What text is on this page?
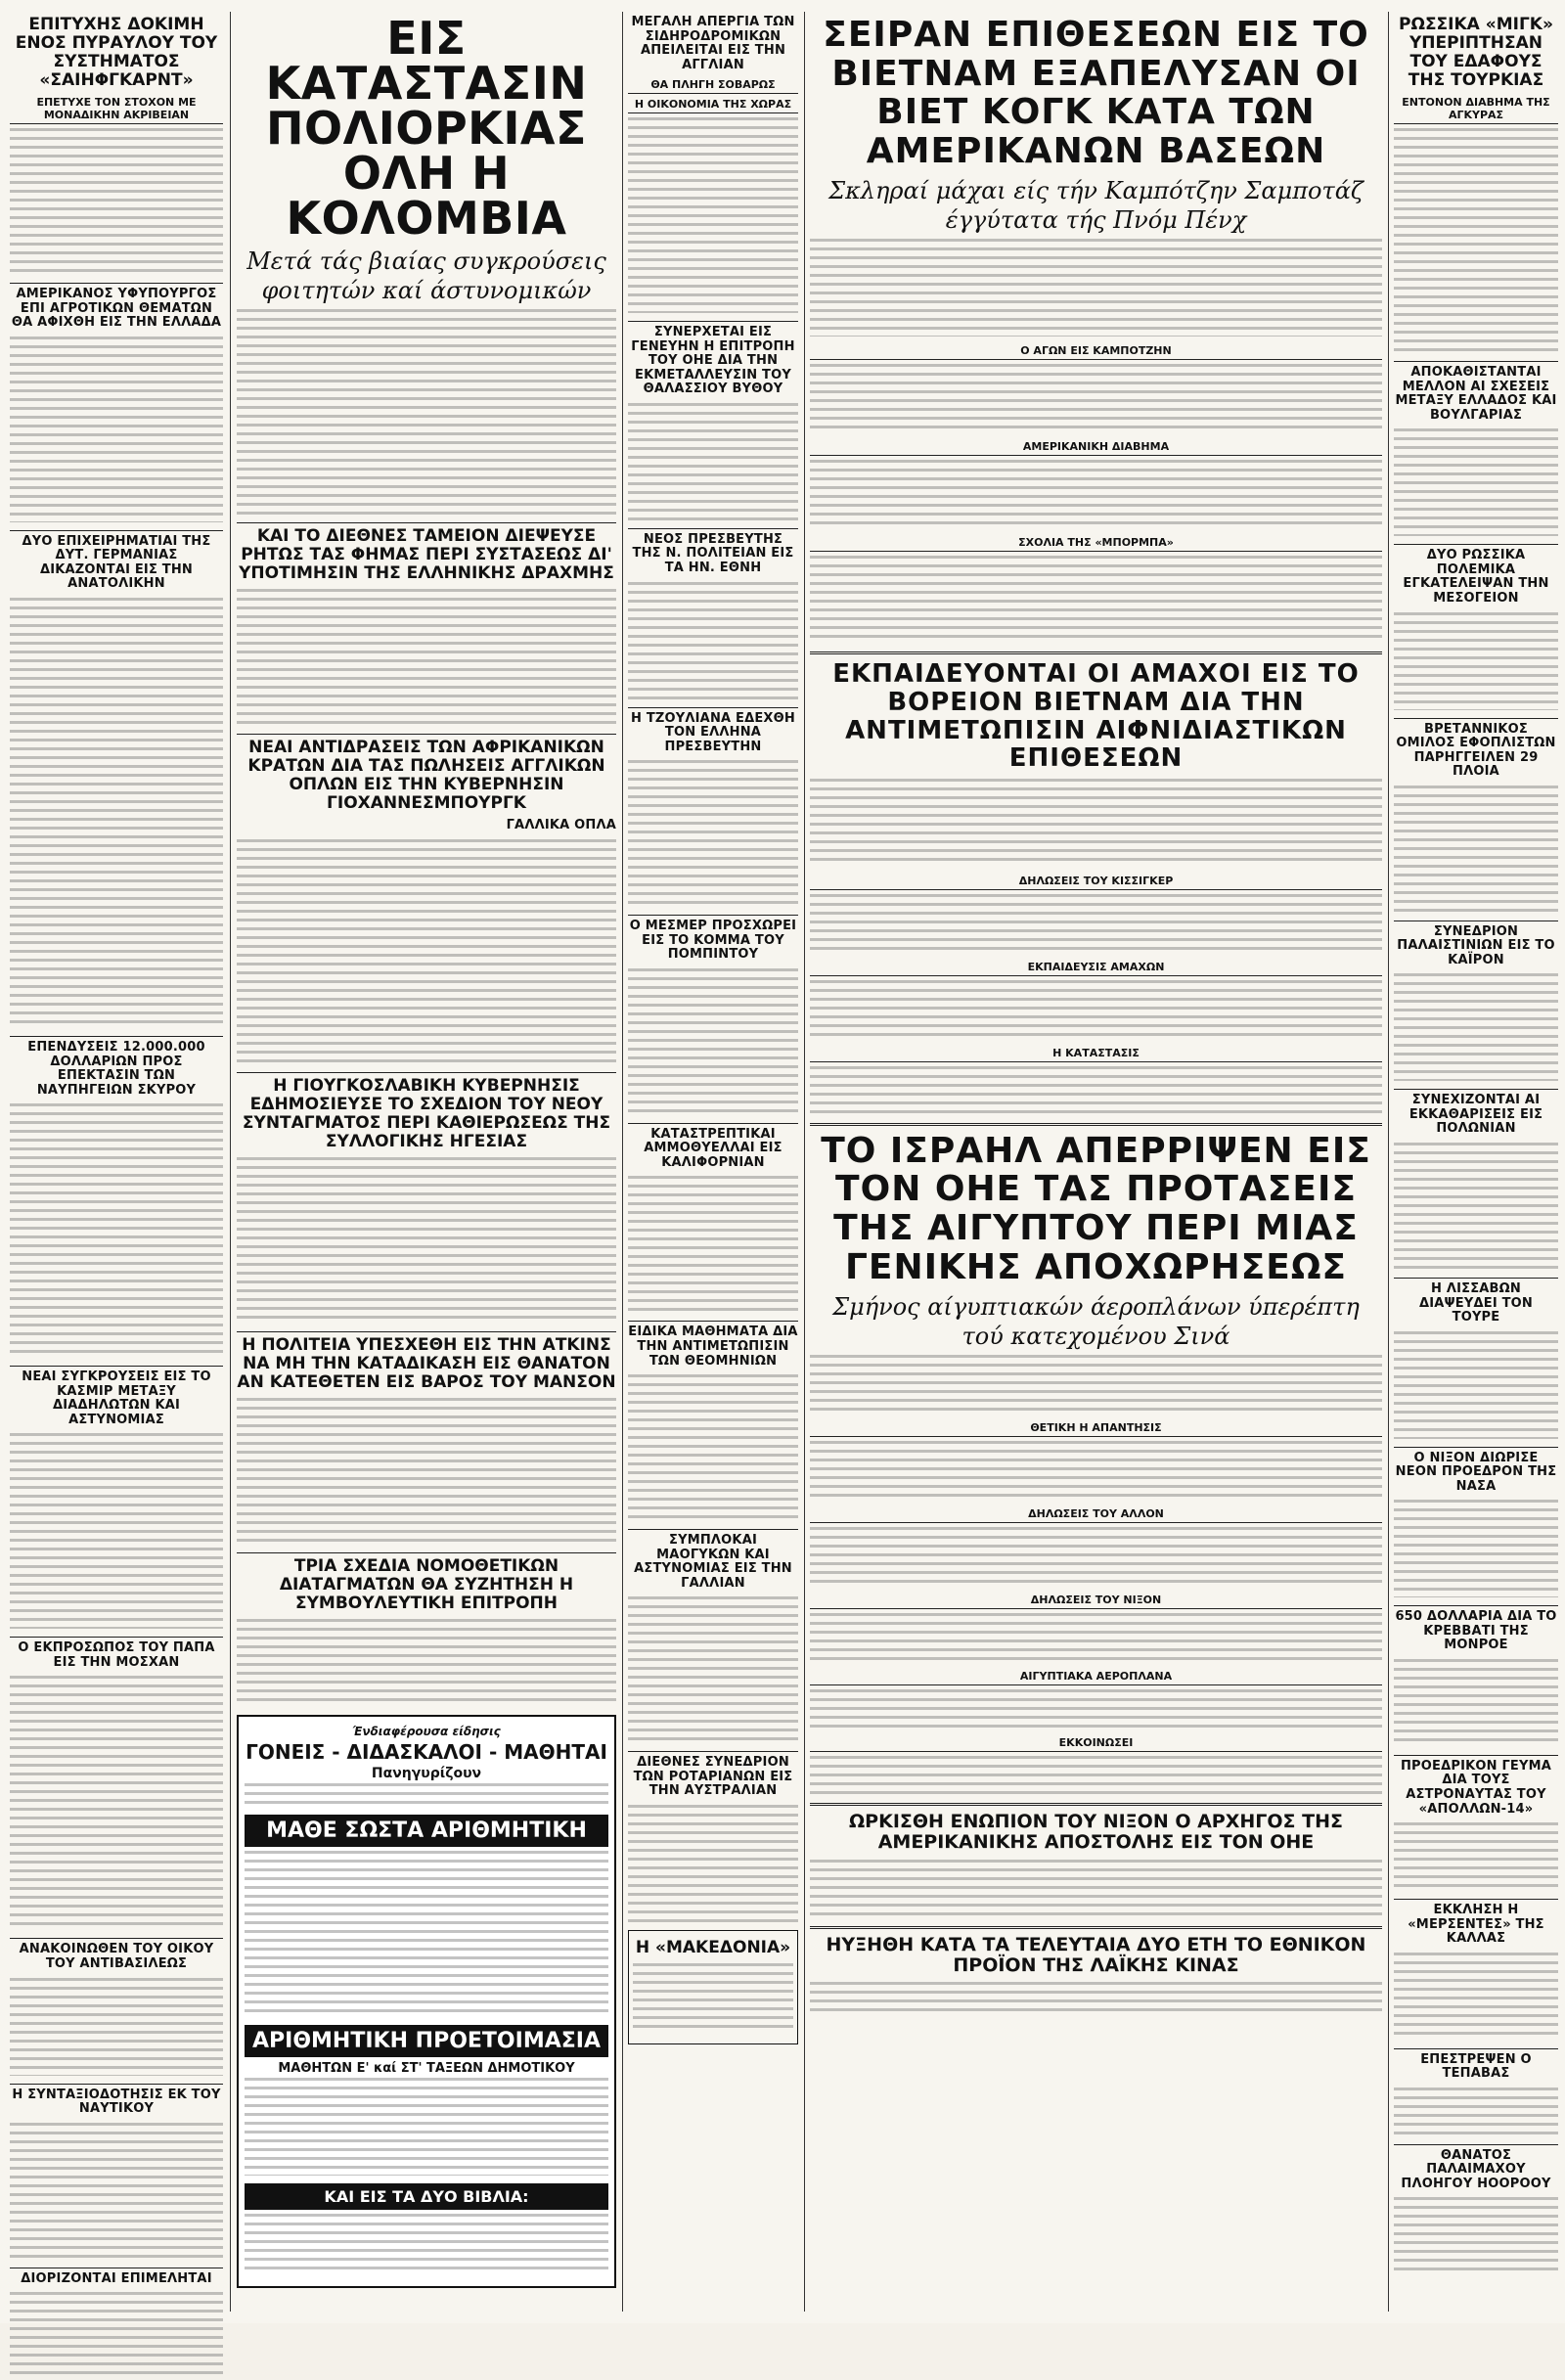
ΕΠΙΤΥΧΗΣ ΔΟΚΙΜΗ ΕΝΟΣ ΠΥΡΑΥΛΟΥ ΤΟΥ ΣΥΣΤΗΜΑΤΟΣ «ΣΑΙΗΦΓΚΑΡΝΤ»
ΕΠΕΤΥΧΕ ΤΟΝ ΣΤΟΧΟΝ ΜΕ ΜΟΝΑΔΙΚΗΝ ΑΚΡΙΒΕΙΑΝ
ΑΜΕΡΙΚΑΝΟΣ ΥΦΥΠΟΥΡΓΟΣ ΕΠΙ ΑΓΡΟΤΙΚΩΝ ΘΕΜΑΤΩΝ ΘΑ ΑΦΙΧΘΗ ΕΙΣ ΤΗΝ ΕΛΛΑΔΑ
ΔΥΟ ΕΠΙΧΕΙΡΗΜΑΤΙΑΙ ΤΗΣ ΔΥΤ. ΓΕΡΜΑΝΙΑΣ ΔΙΚΑΖΟΝΤΑΙ ΕΙΣ ΤΗΝ ΑΝΑΤΟΛΙΚΗΝ
ΕΠΕΝΔΥΣΕΙΣ 12.000.000 ΔΟΛΛΑΡΙΩΝ ΠΡΟΣ ΕΠΕΚΤΑΣΙΝ ΤΩΝ ΝΑΥΠΗΓΕΙΩΝ ΣΚΥΡΟΥ
ΝΕΑΙ ΣΥΓΚΡΟΥΣΕΙΣ ΕΙΣ ΤΟ ΚΑΣΜΙΡ ΜΕΤΑΞΥ ΔΙΑΔΗΛΩΤΩΝ ΚΑΙ ΑΣΤΥΝΟΜΙΑΣ
Ο ΕΚΠΡΟΣΩΠΟΣ ΤΟΥ ΠΑΠΑ ΕΙΣ ΤΗΝ ΜΟΣΧΑΝ
ΑΝΑΚΟΙΝΩΘΕΝ ΤΟΥ ΟΙΚΟΥ ΤΟΥ ΑΝΤΙΒΑΣΙΛΕΩΣ
Η ΣΥΝΤΑΞΙΟΔΟΤΗΣΙΣ ΕΚ ΤΟΥ ΝΑΥΤΙΚΟΥ
ΔΙΟΡΙΖΟΝΤΑΙ ΕΠΙΜΕΛΗΤΑΙ
ΕΙΣ ΚΑΤΑΣΤΑΣΙΝ ΠΟΛΙΟΡΚΙΑΣ ΟΛΗ Η ΚΟΛΟΜΒΙΑ
Μετά τάς βιαίας συγκρούσεις φοιτητών καί άστυνομικών
ΚΑΙ ΤΟ ΔΙΕΘΝΕΣ ΤΑΜΕΙΟΝ ΔΙΕΨΕΥΣΕ ΡΗΤΩΣ ΤΑΣ ΦΗΜΑΣ ΠΕΡΙ ΣΥΣΤΑΣΕΩΣ ΔΙ' ΥΠΟΤΙΜΗΣΙΝ ΤΗΣ ΕΛΛΗΝΙΚΗΣ ΔΡΑΧΜΗΣ
ΝΕΑΙ ΑΝΤΙΔΡΑΣΕΙΣ ΤΩΝ ΑΦΡΙΚΑΝΙΚΩΝ ΚΡΑΤΩΝ ΔΙΑ ΤΑΣ ΠΩΛΗΣΕΙΣ ΑΓΓΛΙΚΩΝ ΟΠΛΩΝ ΕΙΣ ΤΗΝ ΚΥΒΕΡΝΗΣΙΝ ΓΙΟΧΑΝΝΕΣΜΠΟΥΡΓΚ
ΓΑΛΛΙΚΑ ΟΠΛΑ
Η ΓΙΟΥΓΚΟΣΛΑΒΙΚΗ ΚΥΒΕΡΝΗΣΙΣ ΕΔΗΜΟΣΙΕΥΣΕ ΤΟ ΣΧΕΔΙΟΝ ΤΟΥ ΝΕΟΥ ΣΥΝΤΑΓΜΑΤΟΣ ΠΕΡΙ ΚΑΘΙΕΡΩΣΕΩΣ ΤΗΣ ΣΥΛΛΟΓΙΚΗΣ ΗΓΕΣΙΑΣ
Η ΠΟΛΙΤΕΙΑ ΥΠΕΣΧΕΘΗ ΕΙΣ ΤΗΝ ΑΤΚΙΝΣ ΝΑ ΜΗ ΤΗΝ ΚΑΤΑΔΙΚΑΣΗ ΕΙΣ ΘΑΝΑΤΟΝ ΑΝ ΚΑΤΕΘΕΤΕΝ ΕΙΣ ΒΑΡΟΣ ΤΟΥ ΜΑΝΣΟΝ
ΤΡΙΑ ΣΧΕΔΙΑ ΝΟΜΟΘΕΤΙΚΩΝ ΔΙΑΤΑΓΜΑΤΩΝ ΘΑ ΣΥΖΗΤΗΣΗ Η ΣΥΜΒΟΥΛΕΥΤΙΚΗ ΕΠΙΤΡΟΠΗ
Ένδιαφέρουσα είδησις
ΓΟΝΕΙΣ - ΔΙΔΑΣΚΑΛΟΙ - ΜΑΘΗΤΑΙ
Πανηγυρίζουν
ΜΑΘΕ ΣΩΣΤΑ ΑΡΙΘΜΗΤΙΚΗ
ΑΡΙΘΜΗΤΙΚΗ ΠΡΟΕΤΟΙΜΑΣΙΑ
ΜΑΘΗΤΩΝ Ε' καί ΣΤ' ΤΑΞΕΩΝ ΔΗΜΟΤΙΚΟΥ
ΚΑΙ ΕΙΣ ΤΑ ΔΥΟ ΒΙΒΛΙΑ:
ΜΕΓΑΛΗ ΑΠΕΡΓΙΑ ΤΩΝ ΣΙΔΗΡΟΔΡΟΜΙΚΩΝ ΑΠΕΙΛΕΙΤΑΙ ΕΙΣ ΤΗΝ ΑΓΓΛΙΑΝ
ΘΑ ΠΛΗΓΗ ΣΟΒΑΡΩΣ
Η ΟΙΚΟΝΟΜΙΑ ΤΗΣ ΧΩΡΑΣ
ΣΥΝΕΡΧΕΤΑΙ ΕΙΣ ΓΕΝΕΥΗΝ Η ΕΠΙΤΡΟΠΗ ΤΟΥ ΟΗΕ ΔΙΑ ΤΗΝ ΕΚΜΕΤΑΛΛΕΥΣΙΝ ΤΟΥ ΘΑΛΑΣΣΙΟΥ ΒΥΘΟΥ
ΝΕΟΣ ΠΡΕΣΒΕΥΤΗΣ ΤΗΣ Ν. ΠΟΛΙΤΕΙΑΝ ΕΙΣ ΤΑ ΗΝ. ΕΘΝΗ
Η ΤΖΟΥΛΙΑΝΑ ΕΔΕΧΘΗ ΤΟΝ ΕΛΛΗΝΑ ΠΡΕΣΒΕΥΤΗΝ
Ο ΜΕΣΜΕΡ ΠΡΟΣΧΩΡΕΙ ΕΙΣ ΤΟ ΚΟΜΜΑ ΤΟΥ ΠΟΜΠΙΝΤΟΥ
ΚΑΤΑΣΤΡΕΠΤΙΚΑΙ ΑΜΜΟΘΥΕΛΛΑΙ ΕΙΣ ΚΑΛΙΦΟΡΝΙΑΝ
ΕΙΔΙΚΑ ΜΑΘΗΜΑΤΑ ΔΙΑ ΤΗΝ ΑΝΤΙΜΕΤΩΠΙΣΙΝ ΤΩΝ ΘΕΟΜΗΝΙΩΝ
ΣΥΜΠΛΟΚΑΙ ΜΑΟΓΥΚΩΝ ΚΑΙ ΑΣΤΥΝΟΜΙΑΣ ΕΙΣ ΤΗΝ ΓΑΛΛΙΑΝ
ΔΙΕΘΝΕΣ ΣΥΝΕΔΡΙΟΝ ΤΩΝ ΡΟΤΑΡΙΑΝΩΝ ΕΙΣ ΤΗΝ ΑΥΣΤΡΑΛΙΑΝ
Η «ΜΑΚΕΔΟΝΙΑ»
ΣΕΙΡΑΝ ΕΠΙΘΕΣΕΩΝ ΕΙΣ ΤΟ ΒΙΕΤΝΑΜ ΕΞΑΠΕΛΥΣΑΝ ΟΙ ΒΙΕΤ ΚΟΓΚ ΚΑΤΑ ΤΩΝ ΑΜΕΡΙΚΑΝΩΝ ΒΑΣΕΩΝ
Σκληραί μάχαι είς τήν Καμπότζην Σαμποτάζ έγγύτατα τής Πνόμ Πένχ
Ο ΑΓΩΝ ΕΙΣ ΚΑΜΠΟΤΖΗΝ
ΑΜΕΡΙΚΑΝΙΚΗ ΔΙΑΒΗΜΑ
ΣΧΟΛΙΑ ΤΗΣ «ΜΠΟΡΜΠΑ»
ΕΚΠΑΙΔΕΥΟΝΤΑΙ ΟΙ ΑΜΑΧΟΙ ΕΙΣ ΤΟ ΒΟΡΕΙΟΝ ΒΙΕΤΝΑΜ ΔΙΑ ΤΗΝ ΑΝΤΙΜΕΤΩΠΙΣΙΝ ΑΙΦΝΙΔΙΑΣΤΙΚΩΝ ΕΠΙΘΕΣΕΩΝ
ΔΗΛΩΣΕΙΣ ΤΟΥ ΚΙΣΣΙΓΚΕΡ
ΕΚΠΑΙΔΕΥΣΙΣ ΑΜΑΧΩΝ
Η ΚΑΤΑΣΤΑΣΙΣ
ΤΟ ΙΣΡΑΗΛ ΑΠΕΡΡΙΨΕΝ ΕΙΣ ΤΟΝ ΟΗΕ ΤΑΣ ΠΡΟΤΑΣΕΙΣ ΤΗΣ ΑΙΓΥΠΤΟΥ ΠΕΡΙ ΜΙΑΣ ΓΕΝΙΚΗΣ ΑΠΟΧΩΡΗΣΕΩΣ
Σμήνος αίγυπτιακών άεροπλάνων ύπερέπτη τού κατεχομένου Σινά
ΘΕΤΙΚΗ Η ΑΠΑΝΤΗΣΙΣ
ΔΗΛΩΣΕΙΣ ΤΟΥ ΑΛΛΟΝ
ΔΗΛΩΣΕΙΣ ΤΟΥ ΝΙΞΟΝ
ΑΙΓΥΠΤΙΑΚΑ ΑΕΡΟΠΛΑΝΑ
ΕΚΚΟΙΝΩΣΕΙ
ΩΡΚΙΣΘΗ ΕΝΩΠΙΟΝ ΤΟΥ ΝΙΞΟΝ Ο ΑΡΧΗΓΟΣ ΤΗΣ ΑΜΕΡΙΚΑΝΙΚΗΣ ΑΠΟΣΤΟΛΗΣ ΕΙΣ ΤΟΝ ΟΗΕ
ΗΥΞΗΘΗ ΚΑΤΑ ΤΑ ΤΕΛΕΥΤΑΙΑ ΔΥΟ ΕΤΗ ΤΟ ΕΘΝΙΚΟΝ ΠΡΟΪΟΝ ΤΗΣ ΛΑΪΚΗΣ ΚΙΝΑΣ
ΡΩΣΣΙΚΑ «ΜΙΓΚ» ΥΠΕΡΙΠΤΗΣΑΝ ΤΟΥ ΕΔΑΦΟΥΣ ΤΗΣ ΤΟΥΡΚΙΑΣ
ΕΝΤΟΝΟΝ ΔΙΑΒΗΜΑ ΤΗΣ ΑΓΚΥΡΑΣ
ΑΠΟΚΑΘΙΣΤΑΝΤΑΙ ΜΕΛΛΟΝ ΑΙ ΣΧΕΣΕΙΣ ΜΕΤΑΞΥ ΕΛΛΑΔΟΣ ΚΑΙ ΒΟΥΛΓΑΡΙΑΣ
ΔΥΟ ΡΩΣΣΙΚΑ ΠΟΛΕΜΙΚΑ ΕΓΚΑΤΕΛΕΙΨΑΝ ΤΗΝ ΜΕΣΟΓΕΙΟΝ
ΒΡΕΤΑΝΝΙΚΟΣ ΟΜΙΛΟΣ ΕΦΟΠΛΙΣΤΩΝ ΠΑΡΗΓΓΕΙΛΕΝ 29 ΠΛΟΙΑ
ΣΥΝΕΔΡΙΟΝ ΠΑΛΑΙΣΤΙΝΙΩΝ ΕΙΣ ΤΟ ΚΑΪΡΟΝ
ΣΥΝΕΧΙΖΟΝΤΑΙ ΑΙ ΕΚΚΑΘΑΡΙΣΕΙΣ ΕΙΣ ΠΟΛΩΝΙΑΝ
Η ΛΙΣΣΑΒΩΝ ΔΙΑΨΕΥΔΕΙ ΤΟΝ ΤΟΥΡΕ
Ο ΝΙΞΟΝ ΔΙΩΡΙΣΕ ΝΕΟΝ ΠΡΟΕΔΡΟΝ ΤΗΣ ΝΑΣΑ
650 ΔΟΛΛΑΡΙΑ ΔΙΑ ΤΟ ΚΡΕΒΒΑΤΙ ΤΗΣ ΜΟΝΡΟΕ
ΠΡΟΕΔΡΙΚΟΝ ΓΕΥΜΑ ΔΙΑ ΤΟΥΣ ΑΣΤΡΟΝΑΥΤΑΣ ΤΟΥ «ΑΠΟΛΛΩΝ-14»
ΕΚΚΛΗΣΗ Η «ΜΕΡΣΕΝΤΕΣ» ΤΗΣ ΚΑΛΛΑΣ
ΕΠΕΣΤΡΕΨΕΝ Ο ΤΕΠΑΒΑΣ
ΘΑΝΑΤΟΣ ΠΑΛΑΙΜΑΧΟΥ ΠΛΟΗΓΟΥ ΗΟΟΡΟΟΥ
